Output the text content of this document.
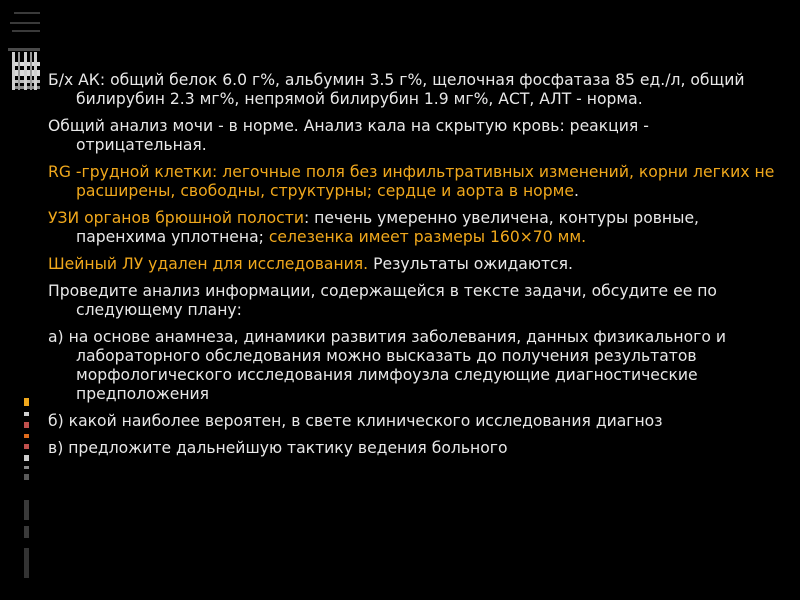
Б/х АК: общий белок 6.0 г%, альбумин 3.5 г%, щелочная фосфатаза 85 ед./л, общий билирубин 2.3 мг%, непрямой билирубин 1.9 мг%, АСТ, АЛТ - норма.

Общий анализ мочи - в норме. Анализ кала на скрытую кровь: реакция - отрицательная.

RG -грудной клетки: легочные поля без инфильтративных изменений, корни легких не расширены, свободны, структурны; сердце и аорта в норме.

УЗИ органов брюшной полости: печень умеренно увеличена, контуры ровные, паренхима уплотнена; селезенка имеет размеры 160×70 мм.

Шейный ЛУ удален для исследования. Результаты ожидаются.

Проведите анализ информации, содержащейся в тексте задачи, обсудите ее по следующему плану:

а) на основе анамнеза, динамики развития заболевания, данных физикального и лабораторного обследования можно высказать до получения результатов морфологического исследования лимфоузла следующие диагностические предположения

б) какой наиболее вероятен, в свете клинического исследования диагноз

в) предложите дальнейшую тактику ведения больного
